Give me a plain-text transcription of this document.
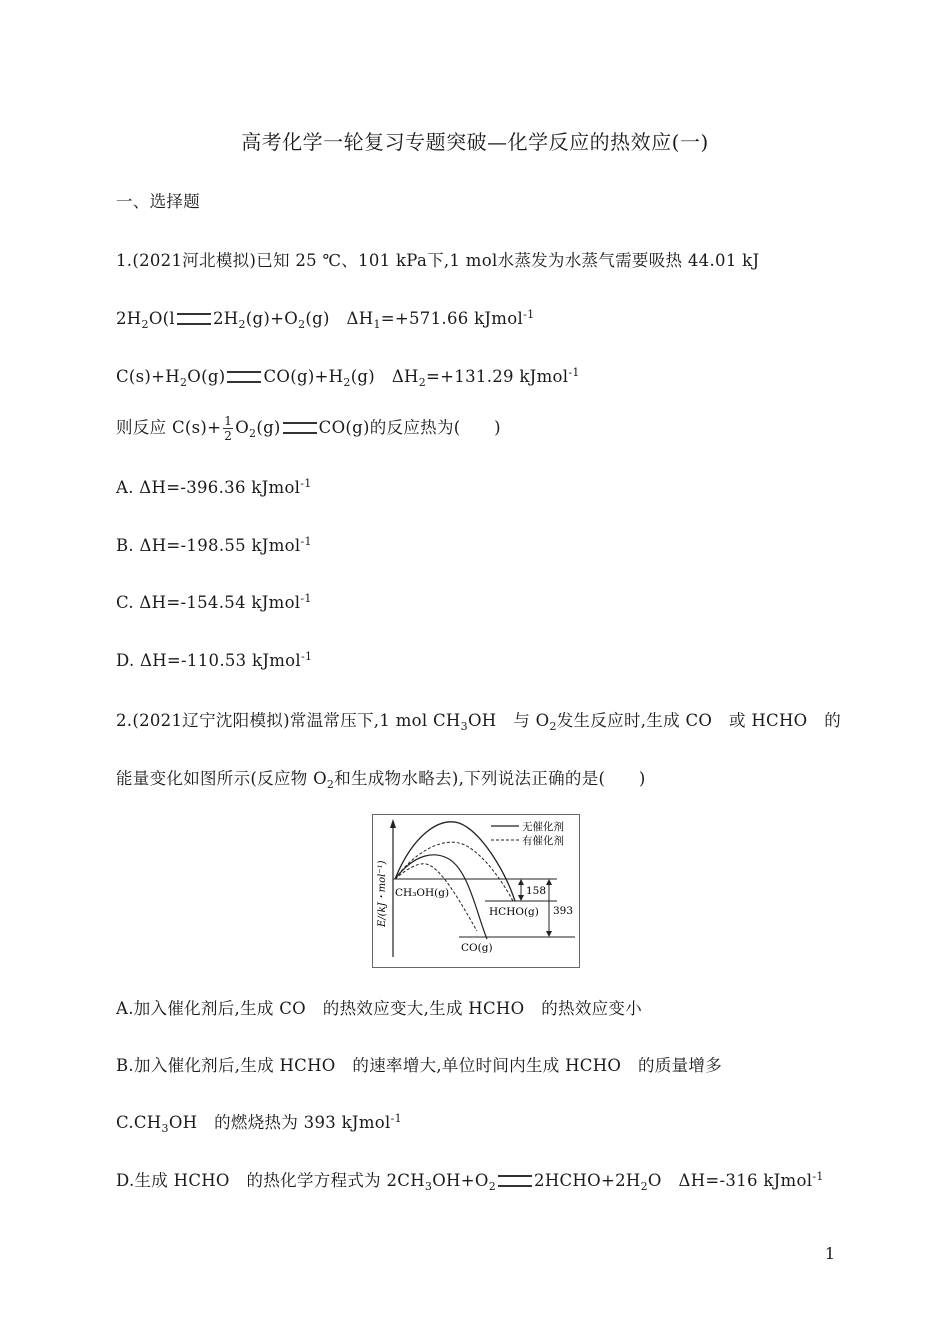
高考化学一轮复习专题突破—化学反应的热效应(一)
一、选择题
1.(2021河北模拟)已知 25 ℃、101 kPa下,1 mol水蒸发为水蒸气需要吸热 44.01 kJ
$2H_2O(l$ $2H_2(g)+O_2(g)$　$\Delta H_1=+571.66$ kJmol$^{-1}$
$C(s)+H_2O(g)$ $CO(g)+H_2(g)$　$\Delta H_2=+131.29$ kJmol$^{-1}$
则反应 $C(s)+ \frac{1}{2} O_2(g)$ CO(g)的反应热为(　　)
A. ΔH=-396.36 kJmol$^{-1}$
B. ΔH=-198.55 kJmol$^{-1}$
C. ΔH=-154.54 kJmol$^{-1}$
D. ΔH=-110.53 kJmol$^{-1}$
2.(2021辽宁沈阳模拟)常温常压下,1 mol $CH_3OH$　与 $O_2$发生反应时,生成 CO　或 HCHO　的
能量变化如图所示(反应物 $O_2$和生成物水略去),下列说法正确的是(　　)
E/(kJ・mol⁻¹)
无催化剂
有催化剂
CH₃OH(g)
HCHO(g)
CO(g)
158
393
A.加入催化剂后,生成 CO　的热效应变大,生成 HCHO　的热效应变小
B.加入催化剂后,生成 HCHO　的速率增大,单位时间内生成 HCHO　的质量增多
$C.CH_3OH$　的燃烧热为 393 kJmol$^{-1}$
D.生成 HCHO　的热化学方程式为 $2CH_3OH+O_2$ $2HCHO+2H_2O$　ΔH=-316 kJmol$^{-1}$
1
